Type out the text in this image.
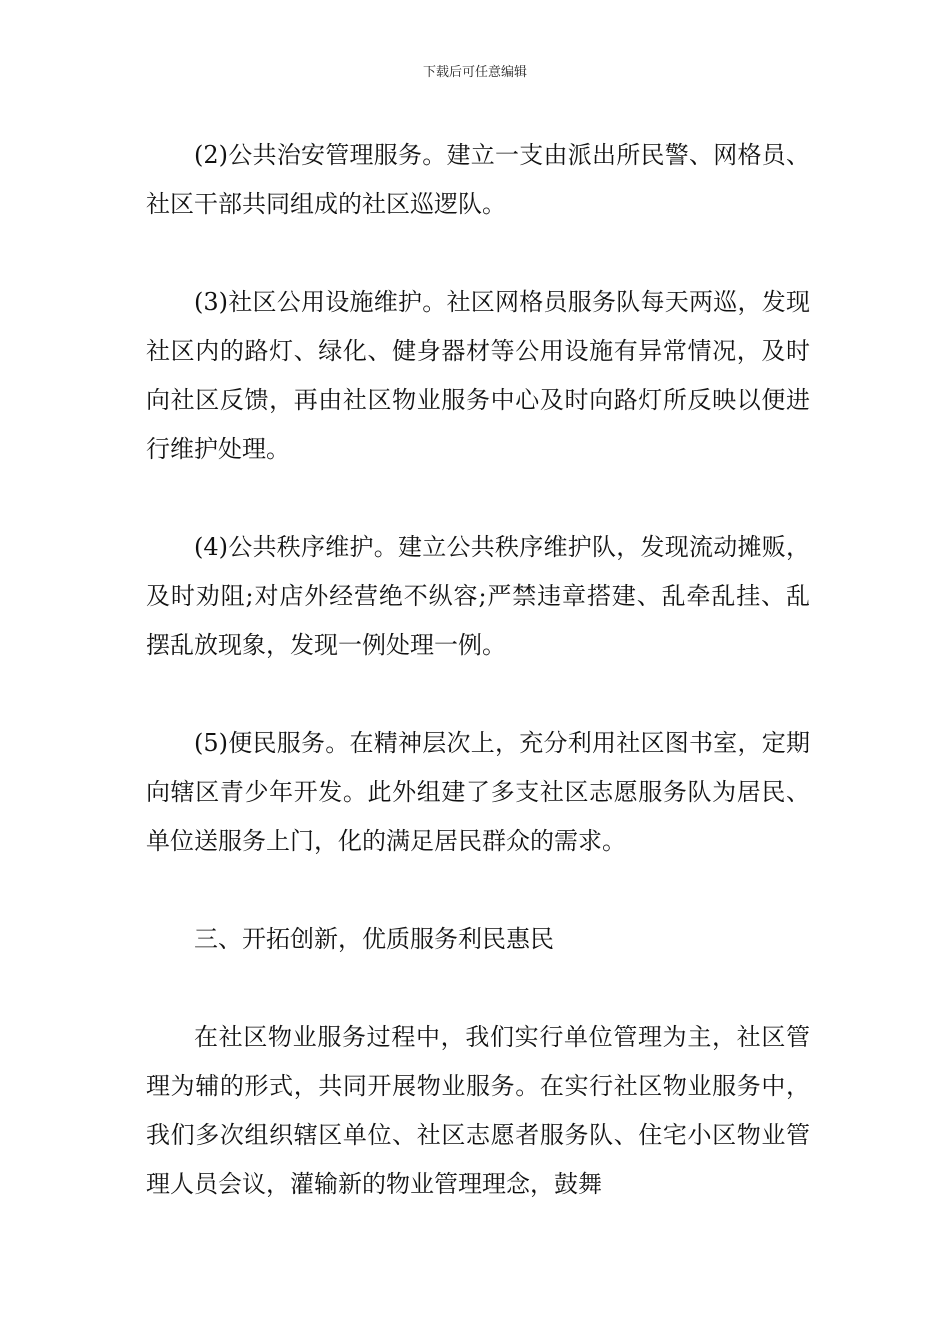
下载后可任意编辑

(2)公共治安管理服务。建立一支由派出所民警、网格员、社区干部共同组成的社区巡逻队。

(3)社区公用设施维护。社区网格员服务队每天两巡，发现社区内的路灯、绿化、健身器材等公用设施有异常情况，及时向社区反馈，再由社区物业服务中心及时向路灯所反映以便进行维护处理。

(4)公共秩序维护。建立公共秩序维护队，发现流动摊贩，及时劝阻;对店外经营绝不纵容;严禁违章搭建、乱牵乱挂、乱摆乱放现象，发现一例处理一例。

(5)便民服务。在精神层次上，充分利用社区图书室，定期向辖区青少年开发。此外组建了多支社区志愿服务队为居民、单位送服务上门，化的满足居民群众的需求。

三、开拓创新，优质服务利民惠民

在社区物业服务过程中，我们实行单位管理为主，社区管理为辅的形式，共同开展物业服务。在实行社区物业服务中，我们多次组织辖区单位、社区志愿者服务队、住宅小区物业管理人员会议，灌输新的物业管理理念，鼓舞
